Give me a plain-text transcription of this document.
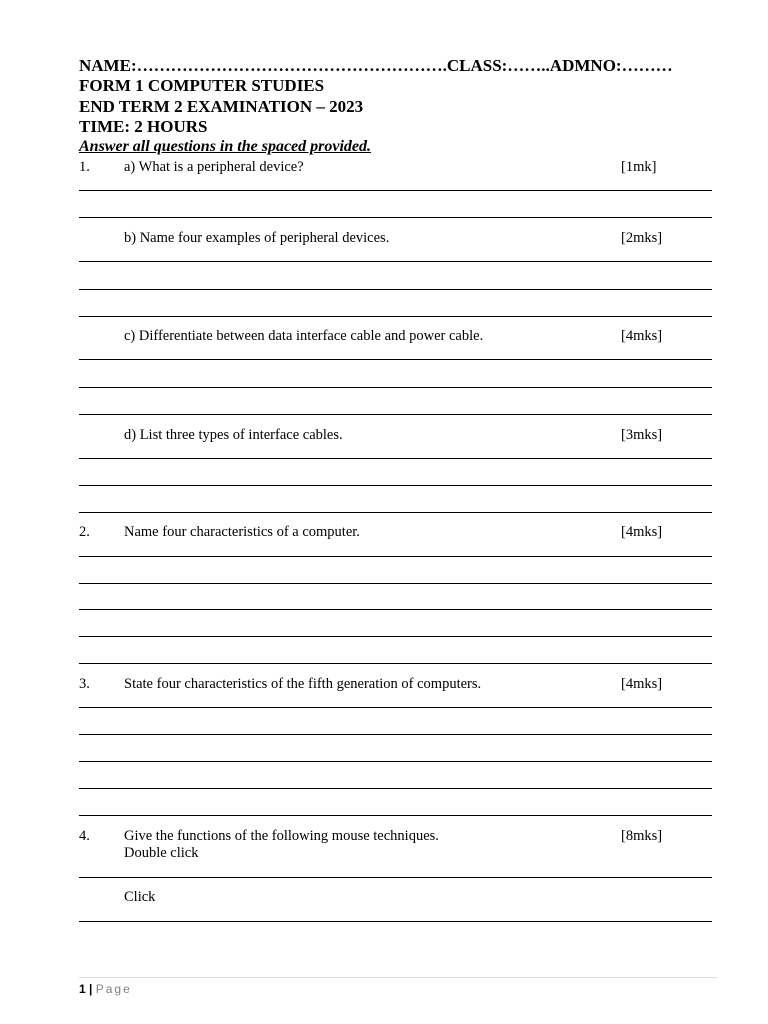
NAME:……………………………………………….CLASS:……..ADMNO:………
FORM 1 COMPUTER STUDIES
END TERM 2 EXAMINATION – 2023
TIME: 2 HOURS
Answer all questions in the spaced provided.
1. a) What is a peripheral device?	[1mk]
b) Name four examples of peripheral devices.	[2mks]
c) Differentiate between data interface cable and power cable.	[4mks]
d) List three types of interface cables.	[3mks]
2. Name four characteristics of a computer.	[4mks]
3. State four characteristics of the fifth generation of computers.	[4mks]
4. Give the functions of the following mouse techniques.	[8mks]
Double click
Click
1 | Page
